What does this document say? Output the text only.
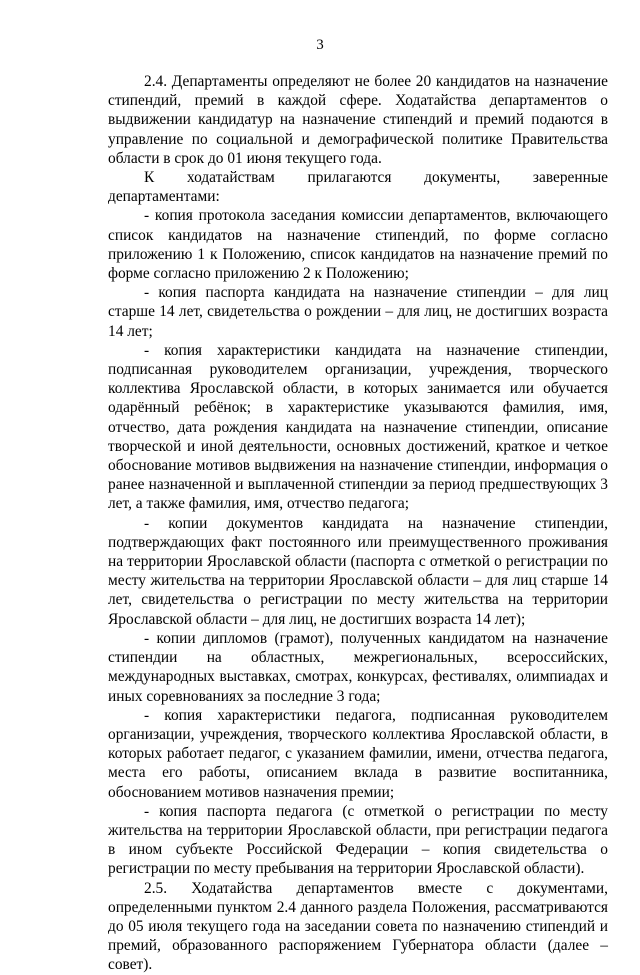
3

2.4. Департаменты определяют не более 20 кандидатов на назначение стипендий, премий в каждой сфере. Ходатайства департаментов о выдвижении кандидатур на назначение стипендий и премий подаются в управление по социальной и демографической политике Правительства области в срок до 01 июня текущего года.

К ходатайствам прилагаются документы, заверенные департаментами:

- копия протокола заседания комиссии департаментов, включающего список кандидатов на назначение стипендий, по форме согласно приложению 1 к Положению, список кандидатов на назначение премий по форме согласно приложению 2 к Положению;

- копия паспорта кандидата на назначение стипендии – для лиц старше 14 лет, свидетельства о рождении – для лиц, не достигших возраста 14 лет;

- копия характеристики кандидата на назначение стипендии, подписанная руководителем организации, учреждения, творческого коллектива Ярославской области, в которых занимается или обучается одарённый ребёнок; в характеристике указываются фамилия, имя, отчество, дата рождения кандидата на назначение стипендии, описание творческой и иной деятельности, основных достижений, краткое и четкое обоснование мотивов выдвижения на назначение стипендии, информация о ранее назначенной и выплаченной стипендии за период предшествующих 3 лет, а также фамилия, имя, отчество педагога;

- копии документов кандидата на назначение стипендии, подтверждающих факт постоянного или преимущественного проживания на территории Ярославской области (паспорта с отметкой о регистрации по месту жительства на территории Ярославской области – для лиц старше 14 лет, свидетельства о регистрации по месту жительства на территории Ярославской области – для лиц, не достигших возраста 14 лет);

- копии дипломов (грамот), полученных кандидатом на назначение стипендии на областных, межрегиональных, всероссийских, международных выставках, смотрах, конкурсах, фестивалях, олимпиадах и иных соревнованиях за последние 3 года;

- копия характеристики педагога, подписанная руководителем организации, учреждения, творческого коллектива Ярославской области, в которых работает педагог, с указанием фамилии, имени, отчества педагога, места его работы, описанием вклада в развитие воспитанника, обоснованием мотивов назначения премии;

- копия паспорта педагога (с отметкой о регистрации по месту жительства на территории Ярославской области, при регистрации педагога в ином субъекте Российской Федерации – копия свидетельства о регистрации по месту пребывания на территории Ярославской области).

2.5. Ходатайства департаментов вместе с документами, определенными пунктом 2.4 данного раздела Положения, рассматриваются до 05 июля текущего года на заседании совета по назначению стипендий и премий, образованного распоряжением Губернатора области (далее – совет).
